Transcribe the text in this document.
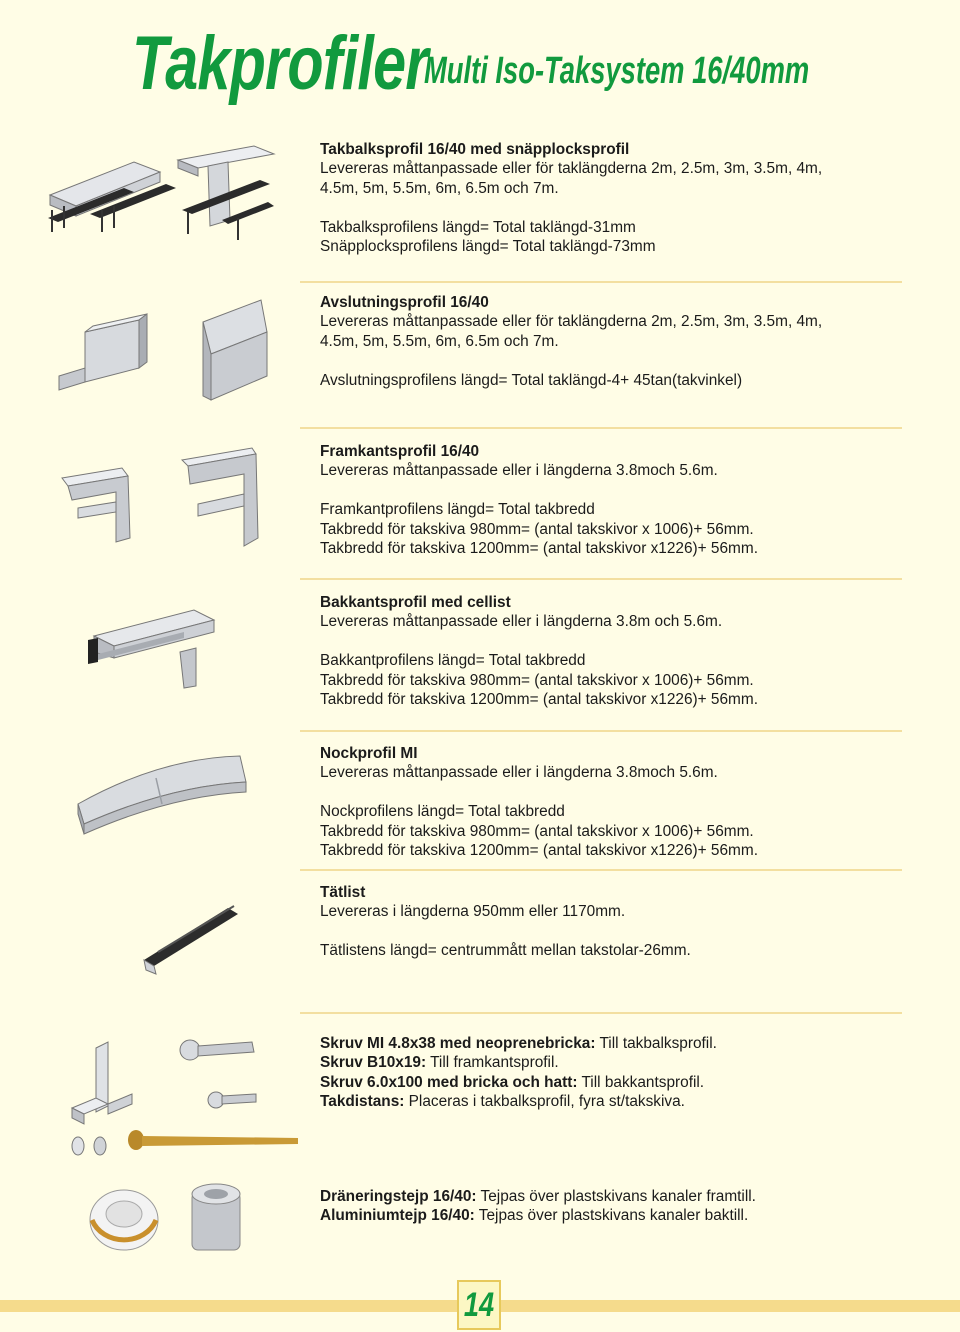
Takprofiler
Multi Iso-Taksystem 16/40mm
Takbalksprofil 16/40 med snäpplocksprofil
Levereras måttanpassade eller för taklängderna 2m, 2.5m, 3m, 3.5m, 4m,
4.5m, 5m, 5.5m, 6m, 6.5m och 7m.
Takbalksprofilens längd= Total taklängd-31mm
Snäpplocksprofilens längd= Total taklängd-73mm
Avslutningsprofil 16/40
Levereras måttanpassade eller för taklängderna 2m, 2.5m, 3m, 3.5m, 4m,
4.5m, 5m, 5.5m, 6m, 6.5m och 7m.
Avslutningsprofilens längd= Total taklängd-4+ 45tan(takvinkel)
Framkantsprofil 16/40
Levereras måttanpassade eller i längderna 3.8moch 5.6m.
Framkantprofilens längd= Total takbredd
Takbredd för takskiva 980mm= (antal takskivor x 1006)+ 56mm.
Takbredd för takskiva 1200mm= (antal takskivor x1226)+ 56mm.
Bakkantsprofil med cellist
Levereras måttanpassade eller i längderna 3.8m och 5.6m.
Bakkantprofilens längd= Total takbredd
Takbredd för takskiva 980mm= (antal takskivor x 1006)+ 56mm.
Takbredd för takskiva 1200mm= (antal takskivor x1226)+ 56mm.
Nockprofil MI
Levereras måttanpassade eller i längderna 3.8moch 5.6m.
Nockprofilens längd= Total takbredd
Takbredd för takskiva 980mm= (antal takskivor x 1006)+ 56mm.
Takbredd för takskiva 1200mm= (antal takskivor x1226)+ 56mm.
Tätlist
Levereras i längderna 950mm eller 1170mm.
Tätlistens längd= centrummått mellan takstolar-26mm.
Skruv MI 4.8x38 med neoprenebricka: Till takbalksprofil.
Skruv B10x19: Till framkantsprofil.
Skruv 6.0x100 med bricka och hatt: Till bakkantsprofil.
Takdistans: Placeras i takbalksprofil, fyra st/takskiva.
Dräneringstejp 16/40: Tejpas över plastskivans kanaler framtill.
Aluminiumtejp 16/40: Tejpas över plastskivans kanaler baktill.
14
